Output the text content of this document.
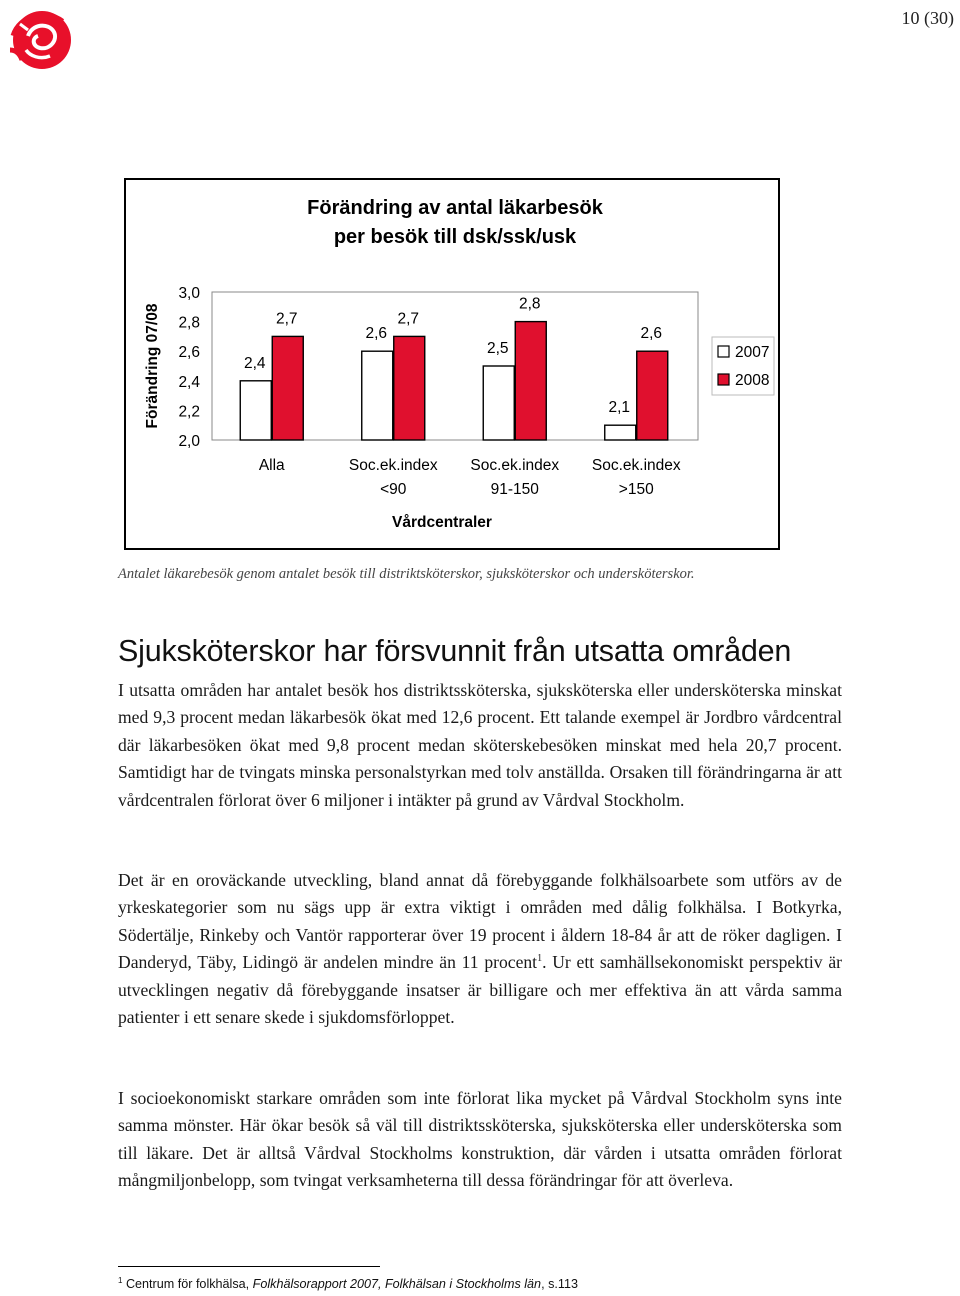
10 (30)
Förändring av antal läkarbesök
per besök till dsk/ssk/usk
Förändring 07/08
3,0
2,8
2,6
2,4
2,2
2,0
2,4
2,7
Alla
2,6
2,7
Soc.ek.index
<90
2,5
2,8
Soc.ek.index
91-150
2,1
2,6
Soc.ek.index
>150
Vårdcentraler
2007
2008
Antalet läkarebesök genom antalet besök till distriktsköterskor, sjuksköterskor och undersköterskor.
Sjuksköterskor har försvunnit från utsatta områden

I utsatta områden har antalet besök hos distriktssköterska, sjuksköterska eller undersköterska minskat med 9,3 procent medan läkarbesök ökat med 12,6 procent. Ett talande exempel är Jordbro vårdcentral där läkarbesöken ökat med 9,8 procent medan sköterskebesöken minskat med hela 20,7 procent. Samtidigt har de tvingats minska personalstyrkan med tolv anställda. Orsaken till förändringarna är att vårdcentralen förlorat över 6 miljoner i intäkter på grund av Vårdval Stockholm.

Det är en oroväckande utveckling, bland annat då förebyggande folkhälsoarbete som utförs av de yrkeskategorier som nu sägs upp är extra viktigt i områden med dålig folkhälsa. I Botkyrka, Södertälje, Rinkeby och Vantör rapporterar över 19 procent i åldern 18-84 år att de röker dagligen. I Danderyd, Täby, Lidingö är andelen mindre än 11 procent$^1$. Ur ett samhällsekonomiskt perspektiv är utvecklingen negativ då förebyggande insatser är billigare och mer effektiva än att vårda samma patienter i ett senare skede i sjukdomsförloppet.

I socioekonomiskt starkare områden som inte förlorat lika mycket på Vårdval Stockholm syns inte samma mönster. Här ökar besök så väl till distriktssköterska, sjuksköterska eller undersköterska som till läkare. Det är alltså Vårdval Stockholms konstruktion, där vården i utsatta områden förlorat mångmiljonbelopp, som tvingat verksamheterna till dessa förändringar för att överleva.

$^1$ Centrum för folkhälsa, Folkhälsorapport 2007, Folkhälsan i Stockholms län, s.113
